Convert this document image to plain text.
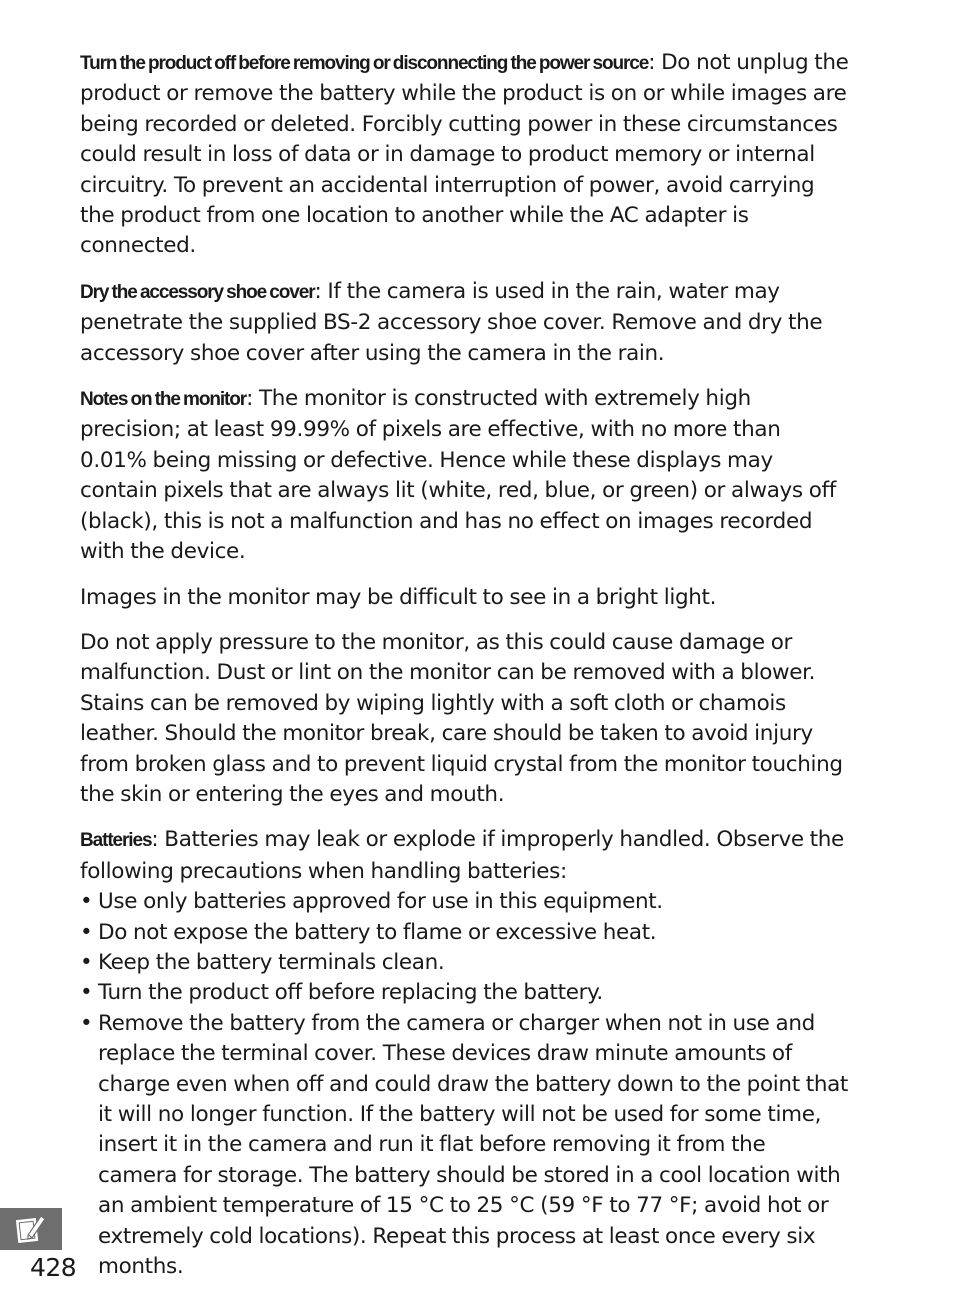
Turn the product off before removing or disconnecting the power source: Do not unplug the product or remove the battery while the product is on or while images are being recorded or deleted. Forcibly cutting power in these circumstances could result in loss of data or in damage to product memory or internal circuitry. To prevent an accidental interruption of power, avoid carrying the product from one location to another while the AC adapter is connected.

Dry the accessory shoe cover: If the camera is used in the rain, water may penetrate the supplied BS-2 accessory shoe cover. Remove and dry the accessory shoe cover after using the camera in the rain.

Notes on the monitor: The monitor is constructed with extremely high precision; at least 99.99% of pixels are effective, with no more than 0.01% being missing or defective. Hence while these displays may contain pixels that are always lit (white, red, blue, or green) or always off (black), this is not a malfunction and has no effect on images recorded with the device.

Images in the monitor may be difficult to see in a bright light.

Do not apply pressure to the monitor, as this could cause damage or malfunction. Dust or lint on the monitor can be removed with a blower. Stains can be removed by wiping lightly with a soft cloth or chamois leather. Should the monitor break, care should be taken to avoid injury from broken glass and to prevent liquid crystal from the monitor touching the skin or entering the eyes and mouth.

Batteries: Batteries may leak or explode if improperly handled. Observe the following precautions when handling batteries:
• Use only batteries approved for use in this equipment.
• Do not expose the battery to flame or excessive heat.
• Keep the battery terminals clean.
• Turn the product off before replacing the battery.
• Remove the battery from the camera or charger when not in use and replace the terminal cover. These devices draw minute amounts of charge even when off and could draw the battery down to the point that it will no longer function. If the battery will not be used for some time, insert it in the camera and run it flat before removing it from the camera for storage. The battery should be stored in a cool location with an ambient temperature of 15 °C to 25 °C (59 °F to 77 °F; avoid hot or extremely cold locations). Repeat this process at least once every six months.
428
